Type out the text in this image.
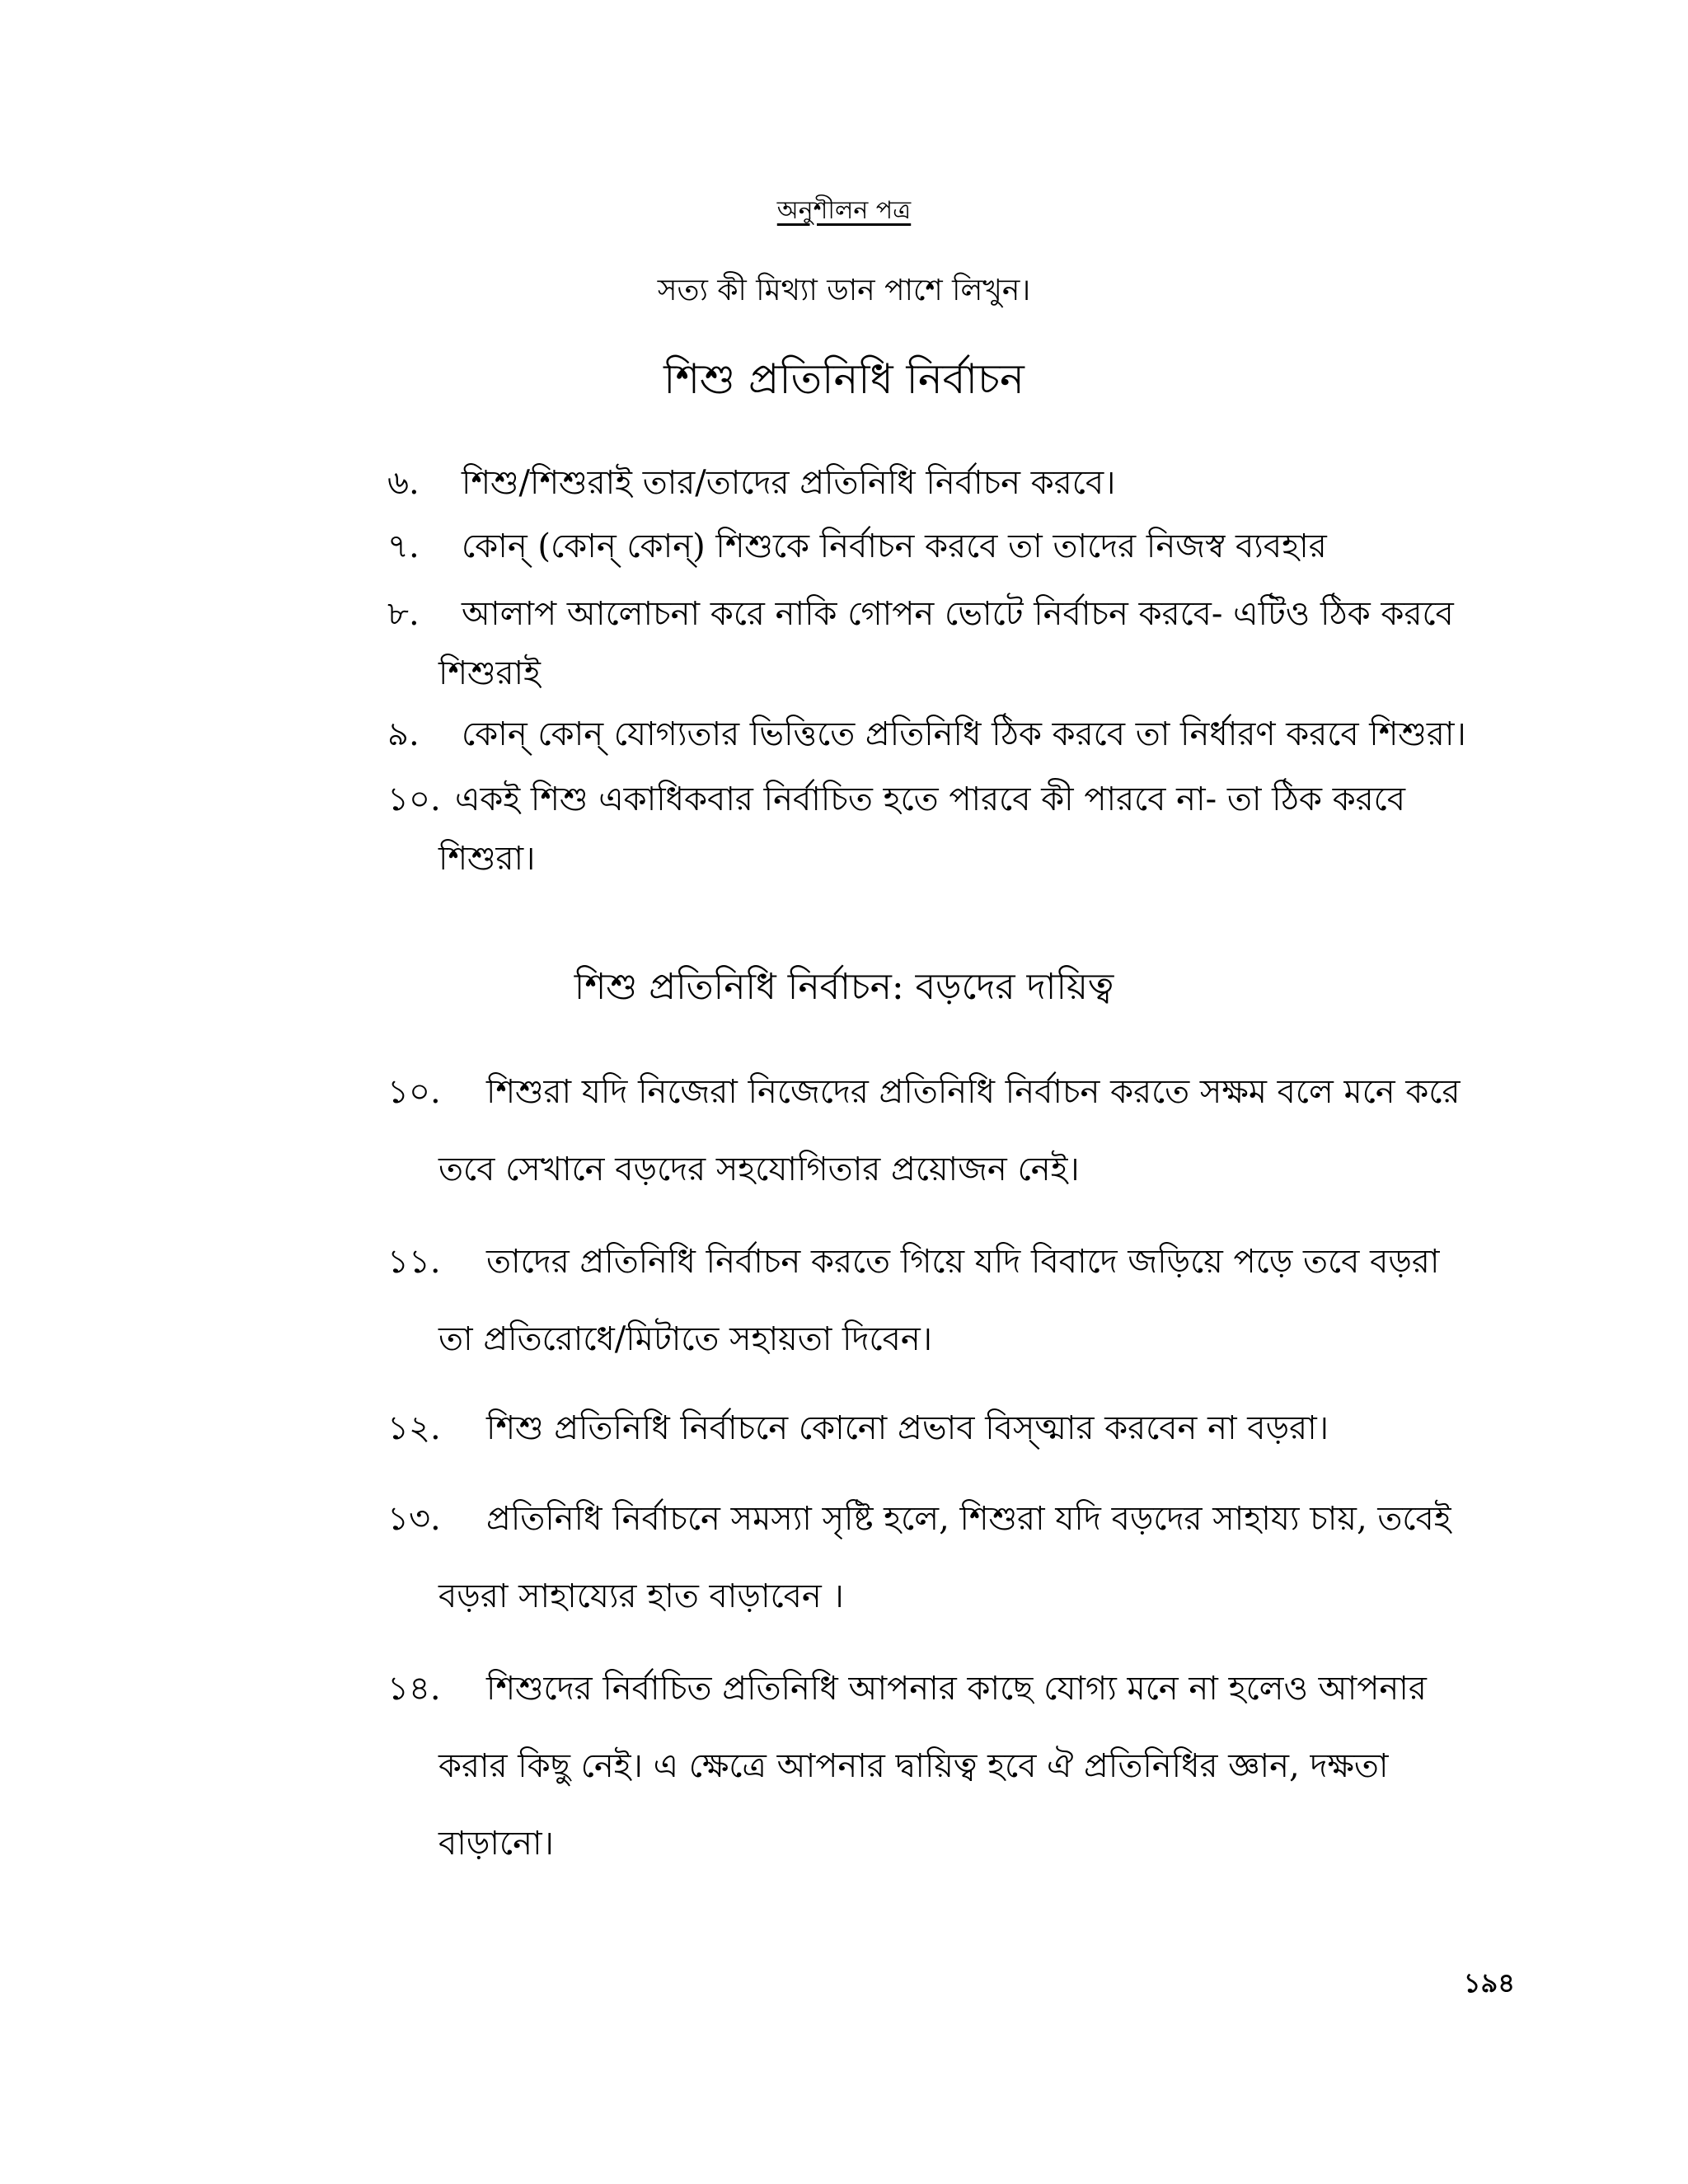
অনুশীলন পত্র
সত্য কী মিথ্যা ডান পাশে লিখুন।
শিশু প্রতিনিধি নির্বাচন
৬.	শিশু/শিশুরাই তার/তাদের প্রতিনিধি নির্বাচন করবে।
৭.	কোন্ (কোন্ কোন্) শিশুকে নির্বাচন করবে তা তাদের নিজস্ব ব্যবহার
৮.	আলাপ আলোচনা করে নাকি গোপন ভোটে নির্বাচন করবে- এটিও ঠিক করবে
শিশুরাই
৯.	কোন্ কোন্ যোগ্যতার ভিত্তিতে প্রতিনিধি ঠিক করবে তা নির্ধারণ করবে শিশুরা।
১০. একই শিশু একাধিকবার নির্বাচিত হতে পারবে কী পারবে না- তা ঠিক করবে
শিশুরা।
শিশু প্রতিনিধি নির্বাচন: বড়দের দায়িত্ব
১০.	শিশুরা যদি নিজেরা নিজেদের প্রতিনিধি নির্বাচন করতে সক্ষম বলে মনে করে
তবে সেখানে বড়দের সহযোগিতার প্রয়োজন নেই।
১১.	তাদের প্রতিনিধি নির্বাচন করতে গিয়ে যদি বিবাদে জড়িয়ে পড়ে তবে বড়রা
তা প্রতিরোধে/মিটাতে সহায়তা দিবেন।
১২.	শিশু প্রতিনিধি নির্বাচনে কোনো প্রভাব বিস্ত্মার করবেন না বড়রা।
১৩.	প্রতিনিধি নির্বাচনে সমস্যা সৃষ্টি হলে, শিশুরা যদি বড়দের সাহায্য চায়, তবেই
বড়রা সাহায্যের হাত বাড়াবেন ।
১৪.	শিশুদের নির্বাচিত প্রতিনিধি আপনার কাছে যোগ্য মনে না হলেও আপনার
করার কিছু নেই। এ ক্ষেত্রে আপনার দ্বায়িত্ব হবে ঐ প্রতিনিধির জ্ঞান, দক্ষতা
বাড়ানো।
১৯৪
